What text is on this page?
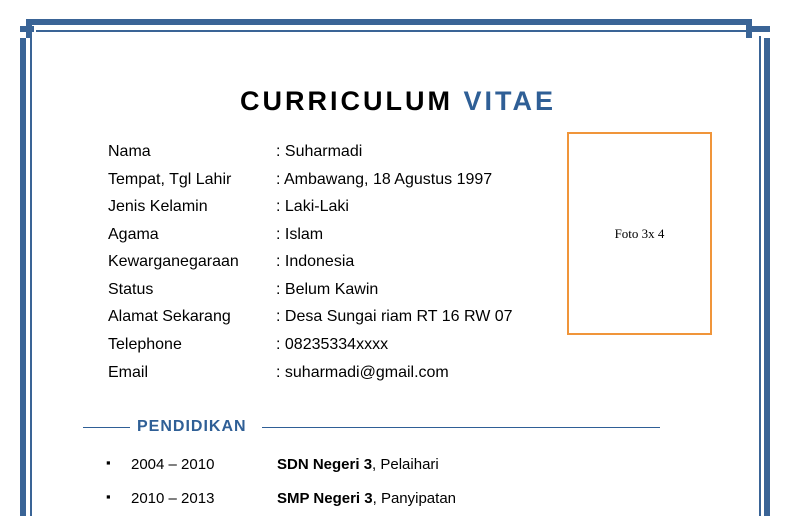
CURRICULUM VITAE
Nama	: Suharmadi
Tempat, Tgl Lahir	: Ambawang, 18 Agustus 1997
Jenis Kelamin	: Laki-Laki
Agama	: Islam
Kewarganegaraan : Indonesia
Status	: Belum Kawin
Alamat Sekarang	: Desa Sungai riam RT 16 RW 07
Telephone	: 08235334xxxx
Email	: suharmadi@gmail.com
Foto 3x 4
PENDIDIKAN
▪ 2004 – 2010	SDN Negeri 3, Pelaihari
▪ 2010 – 2013	SMP Negeri 3, Panyipatan
